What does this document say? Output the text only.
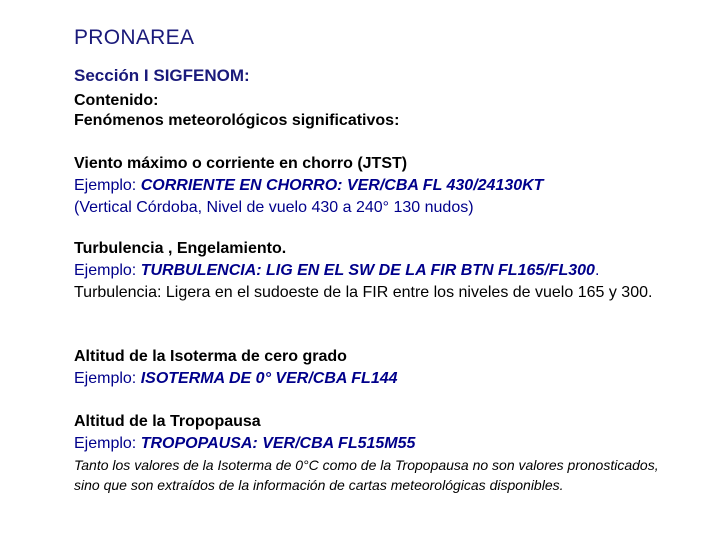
PRONAREA
Sección I SIGFENOM:
Contenido:
Fenómenos meteorológicos significativos:
Viento máximo o corriente en chorro (JTST)
Ejemplo: CORRIENTE EN CHORRO: VER/CBA FL 430/24130KT
(Vertical Córdoba, Nivel de vuelo 430 a 240° 130 nudos)
Turbulencia , Engelamiento.
Ejemplo: TURBULENCIA: LIG EN EL SW DE LA FIR BTN FL165/FL300.
Turbulencia: Ligera en el sudoeste de la FIR entre los niveles de vuelo 165 y 300.
Altitud de la Isoterma de cero grado
Ejemplo: ISOTERMA DE 0° VER/CBA FL144
Altitud de la Tropopausa
Ejemplo: TROPOPAUSA: VER/CBA FL515M55
Tanto los valores de la Isoterma de 0°C como de la Tropopausa no son valores pronosticados, sino que son extraídos de la información de cartas meteorológicas disponibles.
